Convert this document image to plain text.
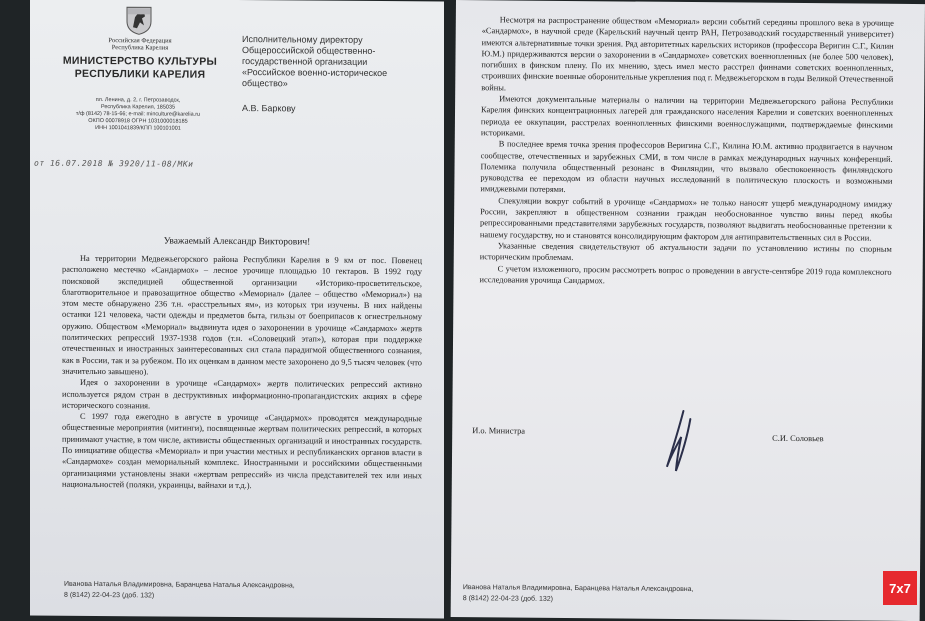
Российская Федерация
Республика Карелия
МИНИСТЕРСТВО КУЛЬТУРЫ
РЕСПУБЛИКИ КАРЕЛИЯ
пл. Ленина, д. 2, г. Петрозаводск,
Республика Карелия, 185035
т/ф (8142) 78-15-66; e-mail: minculture@karelia.ru
ОКПО 00078918 ОГРН 1031000018185
ИНН 1001041839/КПП 100101001
от 16.07.2018 № 3920/11-08/МКи
Исполнительному директору
Общероссийской общественно-
государственной организации
«Российское военно-историческое
общество»
А.В. Баркову
Уважаемый Александр Викторович!

На территории Медвежьегорского района Республики Карелия в 9 км от пос. Повенец расположено местечко «Сандармох» – лесное урочище площадью 10 гектаров. В 1992 году поисковой экспедицией общественной организации «Историко-просветительское, благотворительное и правозащитное общество «Мемориал» (далее – общество «Мемориал») на этом месте обнаружено 236 т.н. «расстрельных ям», из которых три изучены. В них найдены останки 121 человека, части одежды и предметов быта, гильзы от боеприпасов к огнестрельному оружию. Обществом «Мемориал» выдвинута идея о захоронении в урочище «Сандармох» жертв политических репрессий 1937-1938 годов (т.н. «Соловецкий этап»), которая при поддержке отечественных и иностранных заинтересованных сил стала парадигмой общественного сознания, как в России, так и за рубежом. По их оценкам в данном месте захоронено до 9,5 тысяч человек (что значительно завышено).

Идея о захоронении в урочище «Сандармох» жертв политических репрессий активно используется рядом стран в деструктивных информационно-пропагандистских акциях в сфере исторического сознания.

С 1997 года ежегодно в августе в урочище «Сандармох» проводятся международные общественные мероприятия (митинги), посвященные жертвам политических репрессий, в которых принимают участие, в том числе, активисты общественных организаций и иностранных государств. По инициативе общества «Мемориал» и при участии местных и республиканских органов власти в «Сандармохе» создан мемориальный комплекс. Иностранными и российскими общественными организациями установлены знаки «жертвам репрессий» из числа представителей тех или иных национальностей (поляки, украинцы, вайнахи и т.д.).

Иванова Наталья Владимировна, Баранцева Наталья Александровна,
8 (8142) 22-04-23 (доб. 132)

Несмотря на распространение обществом «Мемориал» версии событий середины прошлого века в урочище «Сандармох», в научной среде (Карельский научный центр РАН, Петрозаводский государственный университет) имеются альтернативные точки зрения. Ряд авторитетных карельских историков (профессора Веригин С.Г., Килин Ю.М.) придерживаются версии о захоронении в «Сандармохе» советских военнопленных (не более 500 человек), погибших в финском плену. По их мнению, здесь имел место расстрел финнами советских военнопленных, строивших финские военные оборонительные укрепления под г. Медвежьегорском в годы Великой Отечественной войны.

Имеются документальные материалы о наличии на территории Медвежьегорского района Республики Карелия финских концентрационных лагерей для гражданского населения Карелии и советских военнопленных периода ее оккупации, расстрелах военнопленных финскими военнослужащими, подтверждаемые финскими историками.

В последнее время точка зрения профессоров Веригина С.Г., Килина Ю.М. активно продвигается в научном сообществе, отечественных и зарубежных СМИ, в том числе в рамках международных научных конференций. Полемика получила общественный резонанс в Финляндии, что вызвало обеспокоенность финляндского руководства ее переходом из области научных исследований в политическую плоскость и возможными имиджевыми потерями.

Спекуляции вокруг событий в урочище «Сандармох» не только наносят ущерб международному имиджу России, закрепляют в общественном сознании граждан необоснованное чувство вины перед якобы репрессированными представителями зарубежных государств, позволяют выдвигать необоснованные претензии к нашему государству, но и становятся консолидирующим фактором для антиправительственных сил в России.

Указанные сведения свидетельствуют об актуальности задачи по установлению истины по спорным историческим проблемам.

С учетом изложенного, просим рассмотреть вопрос о проведении в августе-сентябре 2019 года комплексного исследования урочища Сандармох.

И.о. Министра
С.И. Соловьев
Иванова Наталья Владимировна, Баранцева Наталья Александровна,
8 (8142) 22-04-23 (доб. 132)
7x7
